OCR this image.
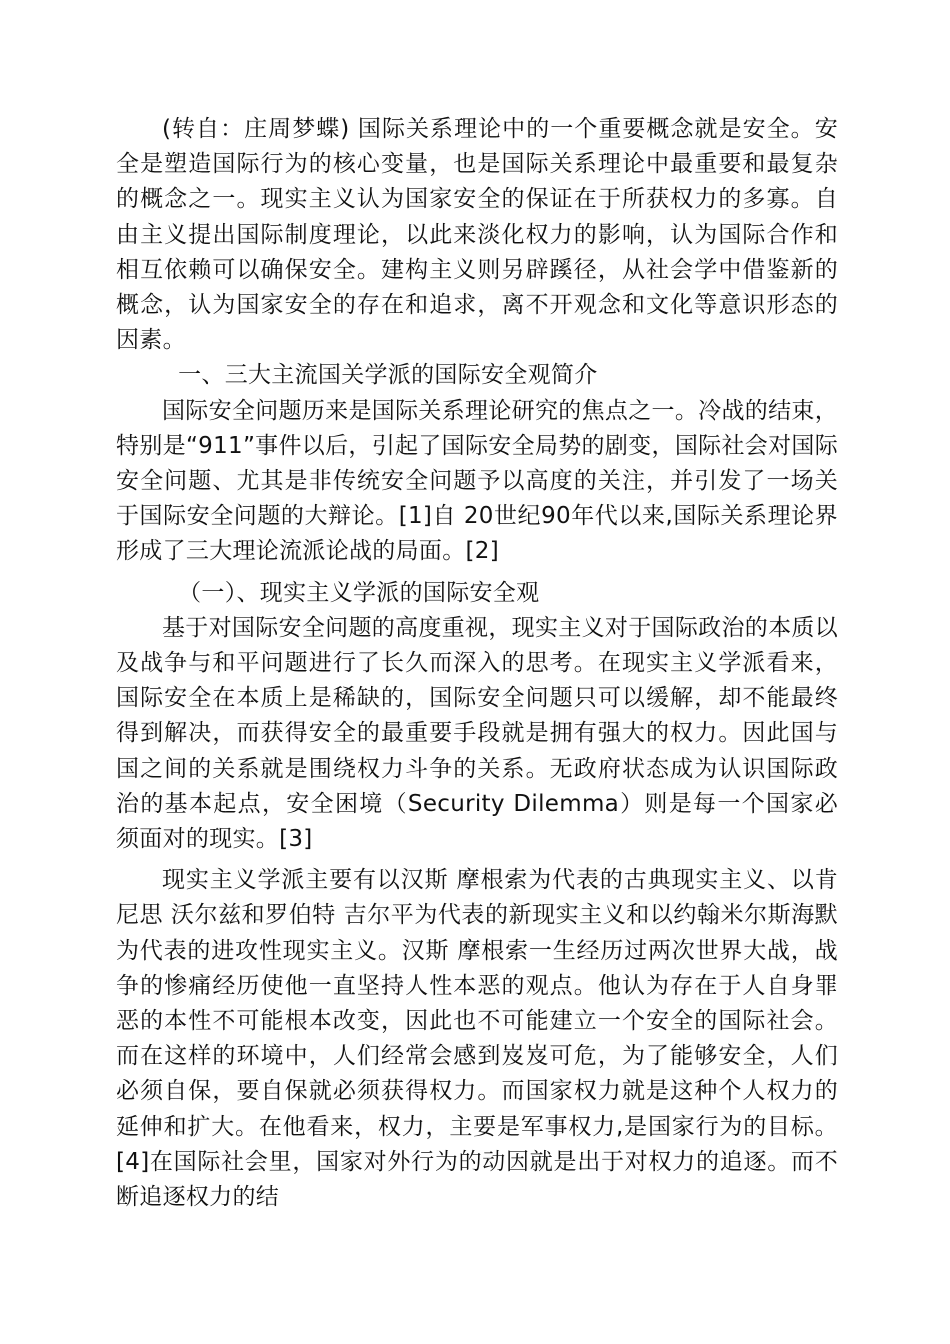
(转自：庄周梦蝶) 国际关系理论中的一个重要概念就是安全。安全是塑造国际行为的核心变量，也是国际关系理论中最重要和最复杂的概念之一。现实主义认为国家安全的保证在于所获权力的多寡。自由主义提出国际制度理论，以此来淡化权力的影响，认为国际合作和相互依赖可以确保安全。建构主义则另辟蹊径，从社会学中借鉴新的概念，认为国家安全的存在和追求，离不开观念和文化等意识形态的因素。

一、三大主流国关学派的国际安全观简介

国际安全问题历来是国际关系理论研究的焦点之一。冷战的结束，特别是“911”事件以后，引起了国际安全局势的剧变，国际社会对国际安全问题、尤其是非传统安全问题予以高度的关注，并引发了一场关于国际安全问题的大辩论。[1]自 20世纪90年代以来,国际关系理论界形成了三大理论流派论战的局面。[2]

（一）、现实主义学派的国际安全观

基于对国际安全问题的高度重视，现实主义对于国际政治的本质以及战争与和平问题进行了长久而深入的思考。在现实主义学派看来，国际安全在本质上是稀缺的，国际安全问题只可以缓解，却不能最终得到解决，而获得安全的最重要手段就是拥有强大的权力。因此国与国之间的关系就是围绕权力斗争的关系。无政府状态成为认识国际政治的基本起点，安全困境（Security Dilemma）则是每一个国家必须面对的现实。[3]

现实主义学派主要有以汉斯 摩根索为代表的古典现实主义、以肯尼思 沃尔兹和罗伯特 吉尔平为代表的新现实主义和以约翰米尔斯海默为代表的进攻性现实主义。汉斯 摩根索一生经历过两次世界大战，战争的惨痛经历使他一直坚持人性本恶的观点。他认为存在于人自身罪恶的本性不可能根本改变，因此也不可能建立一个安全的国际社会。而在这样的环境中，人们经常会感到岌岌可危，为了能够安全，人们必须自保，要自保就必须获得权力。而国家权力就是这种个人权力的延伸和扩大。在他看来，权力，主要是军事权力,是国家行为的目标。[4]在国际社会里，国家对外行为的动因就是出于对权力的追逐。而不断追逐权力的结
